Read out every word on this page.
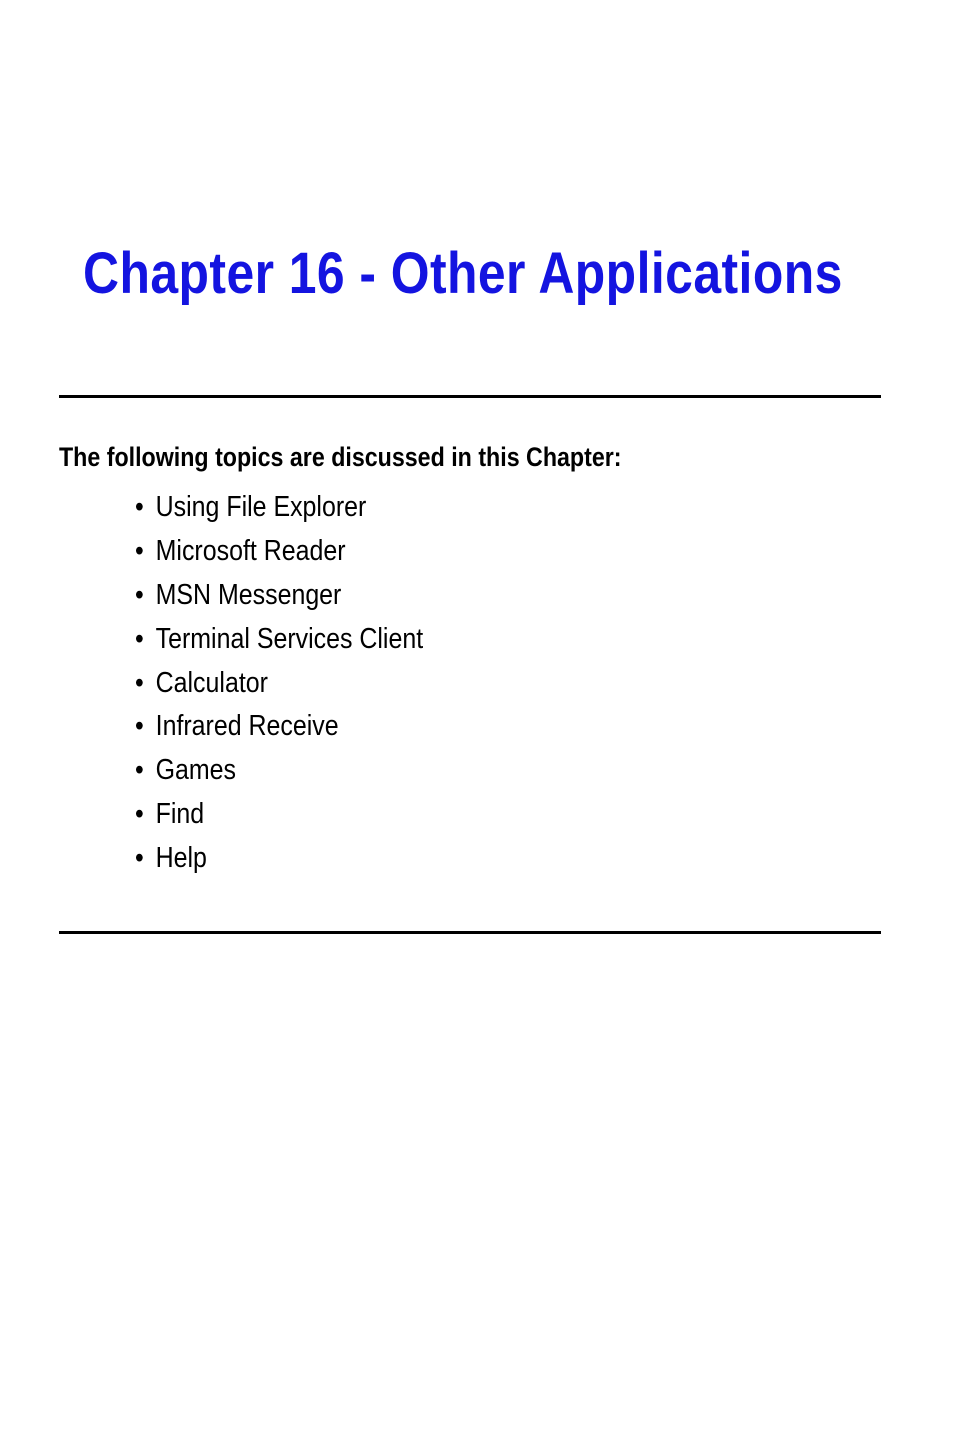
Chapter 16 - Other Applications

The following topics are discussed in this Chapter:

• Using File Explorer
• Microsoft Reader
• MSN Messenger
• Terminal Services Client
• Calculator
• Infrared Receive
• Games
• Find
• Help
